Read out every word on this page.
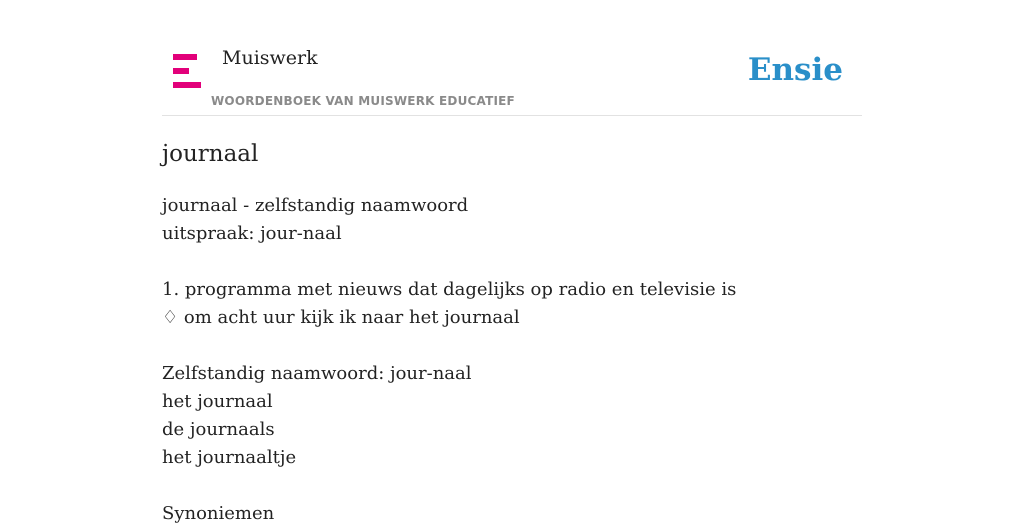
Muiswerk
WOORDENBOEK VAN MUISWERK EDUCATIEF
Ensie
journaal
journaal - zelfstandig naamwoord
uitspraak: jour-naal
1. programma met nieuws dat dagelijks op radio en televisie is
♢ om acht uur kijk ik naar het journaal
Zelfstandig naamwoord: jour-naal
het journaal
de journaals
het journaaltje
Synoniemen
